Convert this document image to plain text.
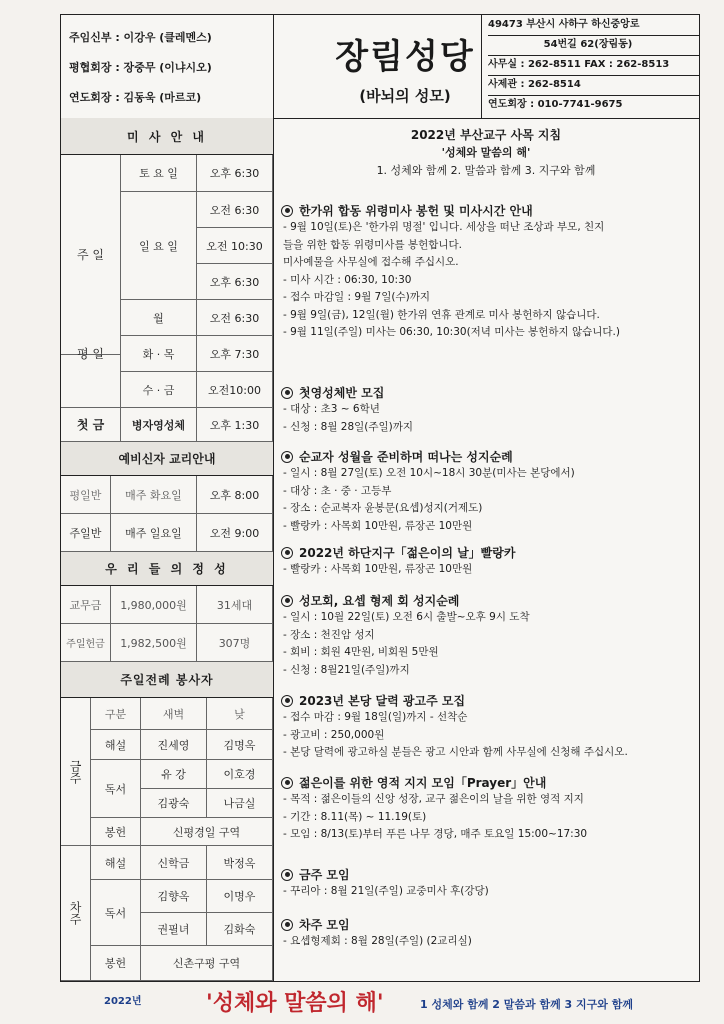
주임신부 : 이강우 (클레멘스)
평협회장 : 장중무 (이냐시오)
연도회장 : 김동욱 (마르코)
장림성당
(바뇌의 성모)
49473 부산시 사하구 하신중앙로
54번길 62(장림동)
사무실 : 262-8511 FAX : 262-8513
사제관 : 262-8514
연도회장 : 010-7741-9675
미 사 안 내
주 일
토 요 일	오후 6:30
일 요 일
오전 6:30
오전 10:30
오후 6:30
평 일
월	오전 6:30
화 · 목	오후 7:30
수 · 금	오전10:00
첫 금	병자영성체	오후 1:30
예비신자 교리안내
평일반	매주 화요일	오후 8:00
주일반	매주 일요일	오전 9:00
우 리 들 의 정 성
교무금	1,980,000원	31세대
주일헌금	1,982,500원	307명
주일전례 봉사자
금주
구분	새벽	낮
해설	진세영	김명옥
독서
유 강	이호경
김광숙	나금실
봉헌	신평경일 구역
차주
해설	신학금	박정옥
독서
김향옥	이명우
권필녀	김화숙
봉헌	신촌구평 구역
2022년 부산교구 사목 지침
'성체와 말씀의 해'
1. 성체와 함께 2. 말씀과 함께 3. 지구와 함께
한가위 합동 위령미사 봉헌 및 미사시간 안내
- 9월 10일(토)은 '한가위 명절' 입니다. 세상을 떠난 조상과 부모, 친지
들을 위한 합동 위령미사를 봉헌합니다.
미사예물을 사무실에 접수해 주십시오.
- 미사 시간 : 06:30, 10:30
- 접수 마감일 : 9월 7일(수)까지
- 9월 9일(금), 12일(월) 한가위 연휴 관계로 미사 봉헌하지 않습니다.
- 9월 11일(주일) 미사는 06:30, 10:30(저녁 미사는 봉헌하지 않습니다.)
첫영성체반 모집
- 대상 : 초3 ~ 6학년
- 신청 : 8월 28일(주일)까지
순교자 성월을 준비하며 떠나는 성지순례
- 일시 : 8월 27일(토) 오전 10시~18시 30분(미사는 본당에서)
- 대상 : 초 · 중 · 고등부
- 장소 : 순교복자 윤봉문(요셉)성지(거제도)
- 빨랑카 : 사목회 10만원, 류장곤 10만원
2022년 하단지구「젊은이의 날」빨랑카
- 빨랑카 : 사목회 10만원, 류장곤 10만원
성모회, 요셉 형제 회 성지순례
- 일시 : 10월 22일(토) 오전 6시 출발~오후 9시 도착
- 장소 : 천진암 성지
- 회비 : 회원 4만원, 비회원 5만원
- 신청 : 8월21일(주일)까지
2023년 본당 달력 광고주 모집
- 접수 마감 : 9월 18일(일)까지 - 선착순
- 광고비 : 250,000원
- 본당 달력에 광고하실 분들은 광고 시안과 함께 사무실에 신청해 주십시오.
젊은이를 위한 영적 지지 모임「Prayer」안내
- 목적 : 젊은이들의 신앙 성장, 교구 젊은이의 날을 위한 영적 지지
- 기간 : 8.11(목) ~ 11.19(토)
- 모임 : 8/13(토)부터 푸른 나무 경당, 매주 토요일 15:00~17:30
금주 모임
- 꾸리아 : 8월 21일(주일) 교중미사 후(강당)
차주 모임
- 요셉형제회 : 8월 28일(주일) (2교리실)
2022년	'성체와 말씀의 해'	1 성체와 함께 2 말씀과 함께 3 지구와 함께
